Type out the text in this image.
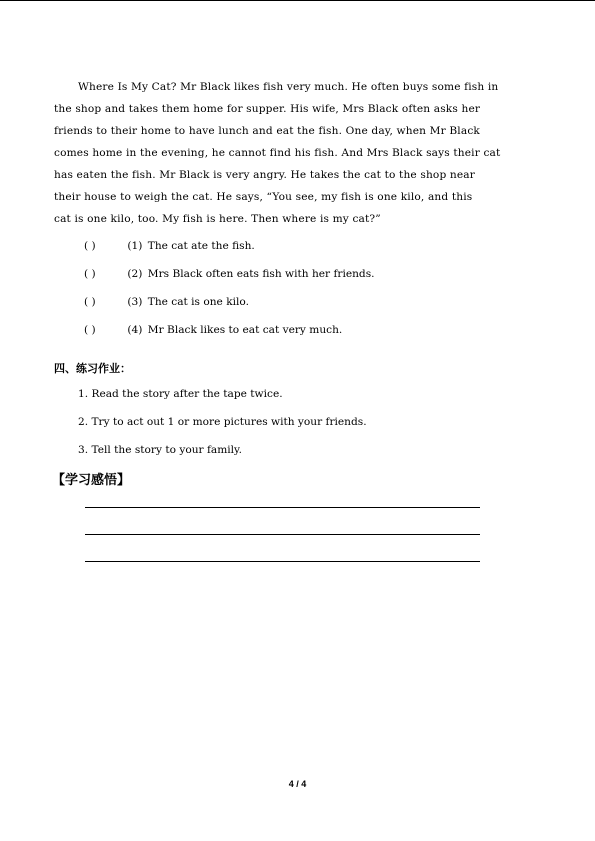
Where Is My Cat? Mr Black likes fish very much. He often buys some fish in
the shop and takes them home for supper. His wife, Mrs Black often asks her
friends to their home to have lunch and eat the fish. One day, when Mr Black
comes home in the evening, he cannot find his fish. And Mrs Black says their cat
has eaten the fish. Mr Black is very angry. He takes the cat to the shop near
their house to weigh the cat. He says, “You see, my fish is one kilo, and this
cat is one kilo, too. My fish is here. Then where is my cat?”
( )	(1) The cat ate the fish.
( )	(2) Mrs Black often eats fish with her friends.
( )	(3) The cat is one kilo.
( )	(4) Mr Black likes to eat cat very much.
四、练习作业：
1. Read the story after the tape twice.
2. Try to act out 1 or more pictures with your friends.
3. Tell the story to your family.
【学习感悟】
4 / 4
